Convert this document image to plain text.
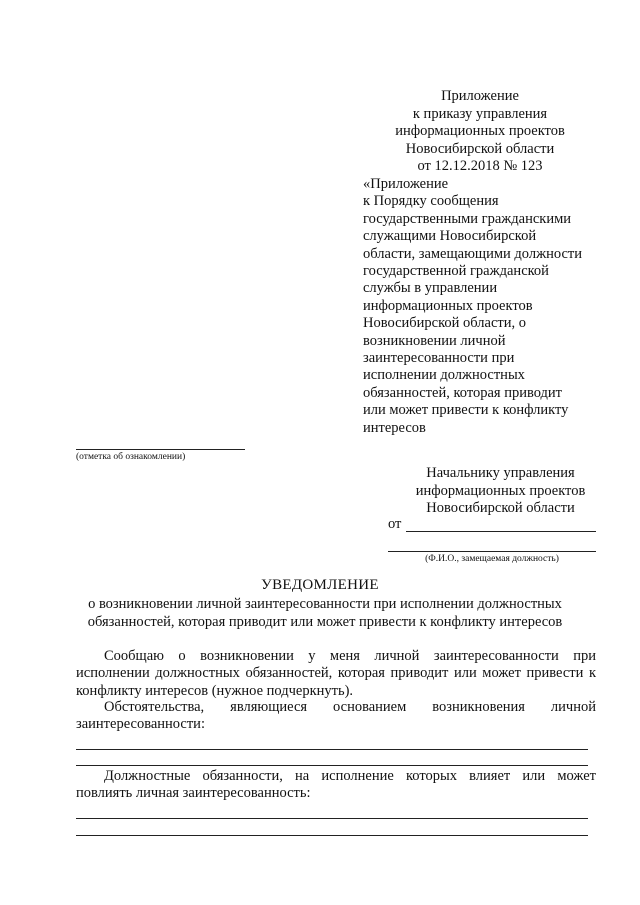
Приложение
к приказу управления
информационных проектов
Новосибирской области
от 12.12.2018 № 123
«Приложение
к Порядку сообщения
государственными гражданскими
служащими Новосибирской
области, замещающими должности
государственной гражданской
службы в управлении
информационных проектов
Новосибирской области, о
возникновении личной
заинтересованности при
исполнении должностных
обязанностей, которая приводит
или может привести к конфликту
интересов
(отметка об ознакомлении)
Начальнику управления
информационных проектов
Новосибирской области
от
(Ф.И.О., замещаемая должность)
УВЕДОМЛЕНИЕ
о возникновении личной заинтересованности при исполнении должностных обязанностей, которая приводит или может привести к конфликту интересов
Сообщаю о возникновении у меня личной заинтересованности при исполнении должностных обязанностей, которая приводит или может привести к конфликту интересов (нужное подчеркнуть).
Обстоятельства, являющиеся основанием возникновения личной заинтересованности:
Должностные обязанности, на исполнение которых влияет или может повлиять личная заинтересованность:
